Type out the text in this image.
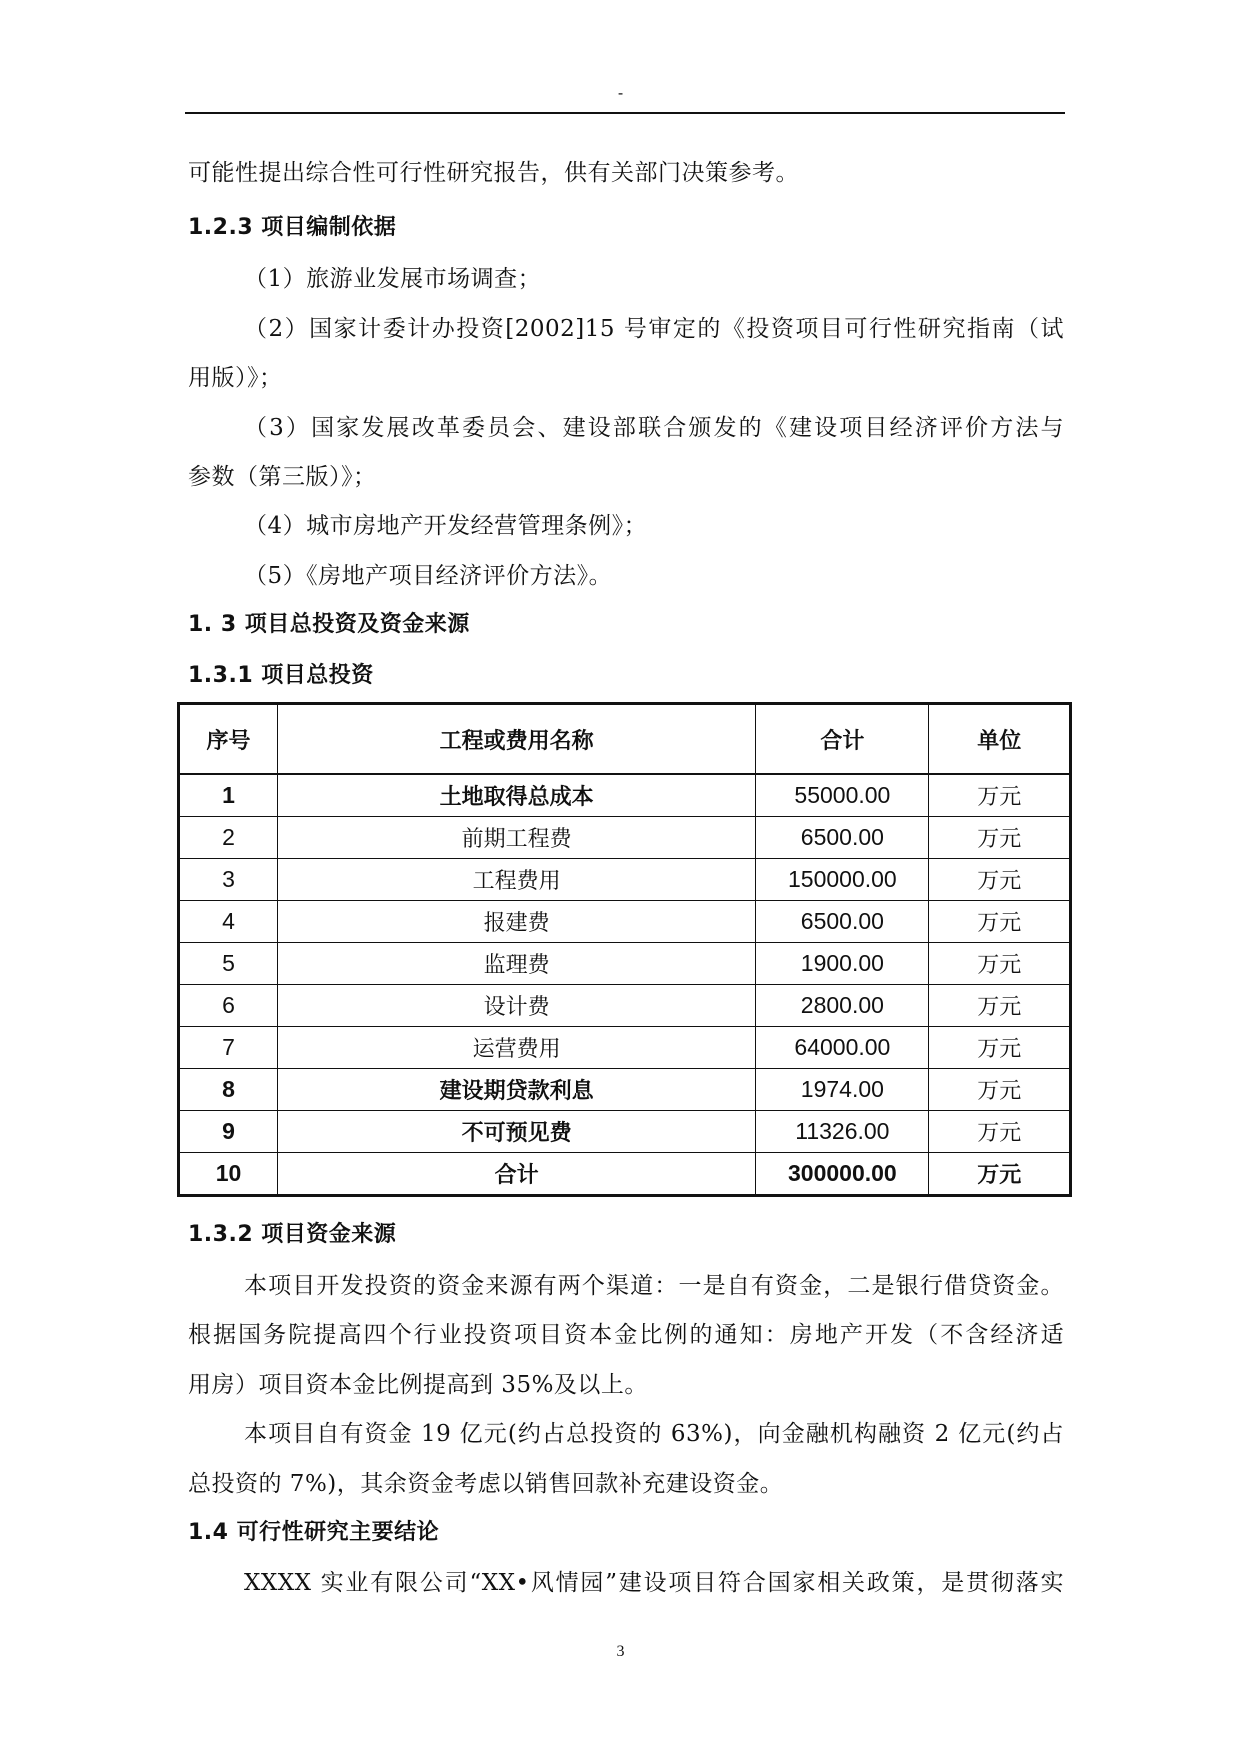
-
可能性提出综合性可行性研究报告，供有关部门决策参考。
1.2.3 项目编制依据
（1）旅游业发展市场调查；
（2）国家计委计办投资[2002]15 号审定的《投资项目可行性研究指南（试
用版）》；
（3）国家发展改革委员会、建设部联合颁发的《建设项目经济评价方法与
参数（第三版）》；
（4）城市房地产开发经营管理条例》；
（5）《房地产项目经济评价方法》。
1. 3 项目总投资及资金来源
1.3.1 项目总投资
序号	工程或费用名称	合计	单位
1	土地取得总成本	55000.00	万元
2	前期工程费	6500.00	万元
3	工程费用	150000.00	万元
4	报建费	6500.00	万元
5	监理费	1900.00	万元
6	设计费	2800.00	万元
7	运营费用	64000.00	万元
8	建设期贷款利息	1974.00	万元
9	不可预见费	11326.00	万元
10	合计	300000.00	万元
1.3.2 项目资金来源
本项目开发投资的资金来源有两个渠道：一是自有资金，二是银行借贷资金。
根据国务院提高四个行业投资项目资本金比例的通知：房地产开发（不含经济适
用房）项目资本金比例提高到 35%及以上。
本项目自有资金 19 亿元(约占总投资的 63%)，向金融机构融资 2 亿元(约占
总投资的 7%)，其余资金考虑以销售回款补充建设资金。
1.4 可行性研究主要结论
XXXX 实业有限公司“XX•风情园”建设项目符合国家相关政策，是贯彻落实
3
